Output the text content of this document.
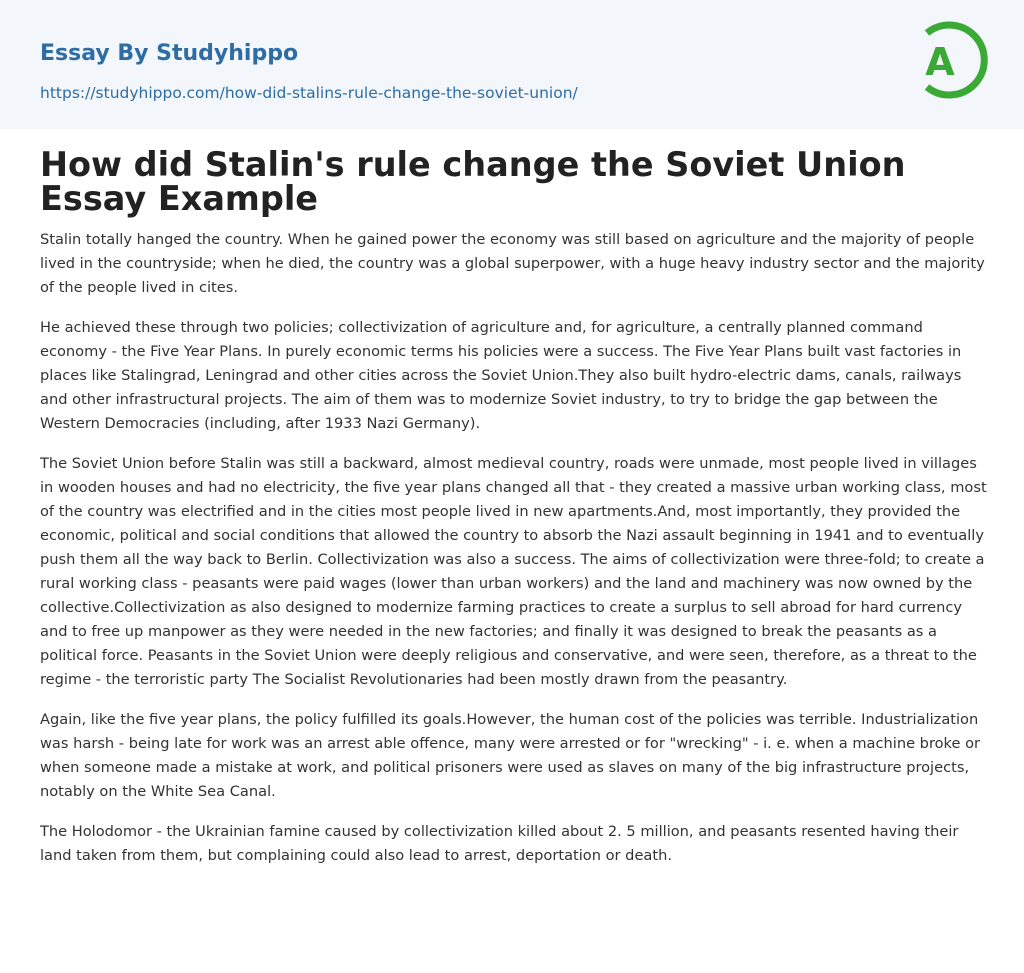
Essay By Studyhippo
https://studyhippo.com/how-did-stalins-rule-change-the-soviet-union/
A
How did Stalin's rule change the Soviet Union Essay Example

Stalin totally hanged the country. When he gained power the economy was still based on agriculture and the majority of people lived in the countryside; when he died, the country was a global superpower, with a huge heavy industry sector and the majority of the people lived in cites.

He achieved these through two policies; collectivization of agriculture and, for agriculture, a centrally planned command economy - the Five Year Plans. In purely economic terms his policies were a success. The Five Year Plans built vast factories in places like Stalingrad, Leningrad and other cities across the Soviet Union.They also built hydro-electric dams, canals, railways and other infrastructural projects. The aim of them was to modernize Soviet industry, to try to bridge the gap between the Western Democracies (including, after 1933 Nazi Germany).

The Soviet Union before Stalin was still a backward, almost medieval country, roads were unmade, most people lived in villages in wooden houses and had no electricity, the five year plans changed all that - they created a massive urban working class, most of the country was electrified and in the cities most people lived in new apartments.And, most importantly, they provided the economic, political and social conditions that allowed the country to absorb the Nazi assault beginning in 1941 and to eventually push them all the way back to Berlin. Collectivization was also a success. The aims of collectivization were three-fold; to create a rural working class - peasants were paid wages (lower than urban workers) and the land and machinery was now owned by the collective.Collectivization as also designed to modernize farming practices to create a surplus to sell abroad for hard currency and to free up manpower as they were needed in the new factories; and finally it was designed to break the peasants as a political force. Peasants in the Soviet Union were deeply religious and conservative, and were seen, therefore, as a threat to the regime - the terroristic party The Socialist Revolutionaries had been mostly drawn from the peasantry.

Again, like the five year plans, the policy fulfilled its goals.However, the human cost of the policies was terrible. Industrialization was harsh - being late for work was an arrest able offence, many were arrested or for "wrecking" - i. e. when a machine broke or when someone made a mistake at work, and political prisoners were used as slaves on many of the big infrastructure projects, notably on the White Sea Canal.

The Holodomor - the Ukrainian famine caused by collectivization killed about 2. 5 million, and peasants resented having their land taken from them, but complaining could also lead to arrest, deportation or death.
